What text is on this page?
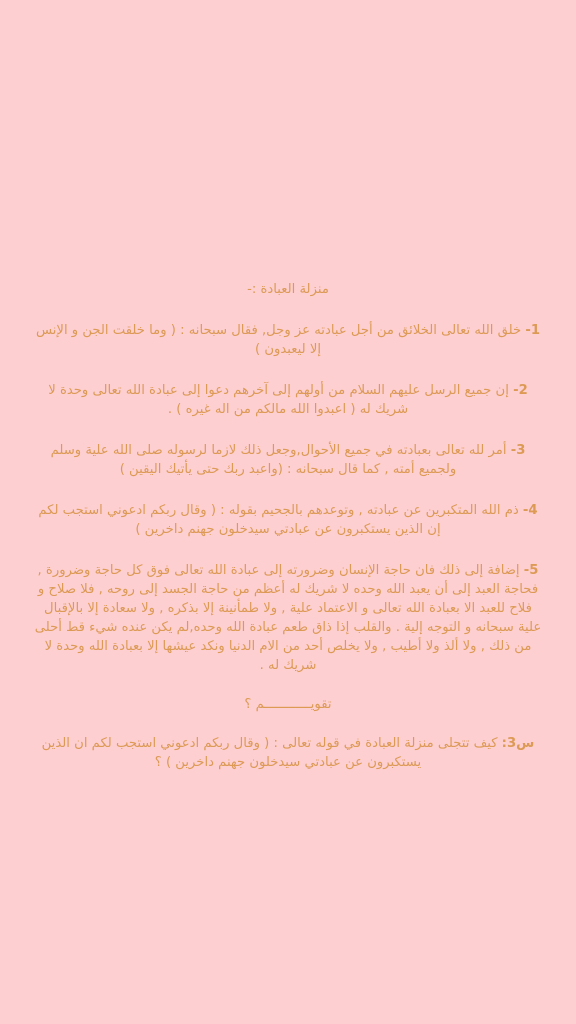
منزلة العبادة :-
1- خلق الله تعالى الخلائق من أجل عبادته عز وجل, فقال سبحانه : ( وما خلقت الجن و الإنس إلا ليعبدون )
2- إن جميع الرسل عليهم السلام من أولهم إلى آخرهم دعوا إلى عبادة الله تعالى وحدة لا شريك له ( اعبدوا الله مالكم من اله غيره ) .
3- أمر لله تعالى بعبادته في جميع الأحوال,وجعل ذلك لازما لرسوله صلى الله علية وسلم ولجميع أمته , كما قال سبحانه : (واعبد ربك حتى يأتيك اليقين )
4- ذم الله المتكبرين عن عبادته , وتوعدهم بالجحيم بقوله : ( وقال ربكم ادعوني استجب لكم إن الذين يستكبرون عن عبادتي سيدخلون جهنم داخرين )
5- إضافة إلى ذلك فان حاجة الإنسان وضرورته إلى عبادة الله تعالى فوق كل حاجة وضرورة , فحاجة العبد إلى أن يعبد الله وحده لا شريك له أعظم من حاجة الجسد إلى روحه , فلا صلاح و فلاح للعبد الا بعبادة الله تعالى و الاعتماد علية , ولا طمأنينة إلا بذكره , ولا سعادة إلا بالإقبال علية سبحانه و التوجه إلية . والقلب إذا ذاق طعم عبادة الله وحده,لم يكن عنده شيء قط أحلى من ذلك , ولا ألذ ولا أطيب , ولا يخلص أحد من الام الدنيا ونكد عيشها إلا بعبادة الله وحدة لا شريك له .
تقويــــــــــــم ؟
س3: كيف تتجلى منزلة العبادة في قوله تعالى : ( وقال ربكم ادعوني استجب لكم ان الذين يستكبرون عن عبادتي سيدخلون جهنم داخرين ) ؟
